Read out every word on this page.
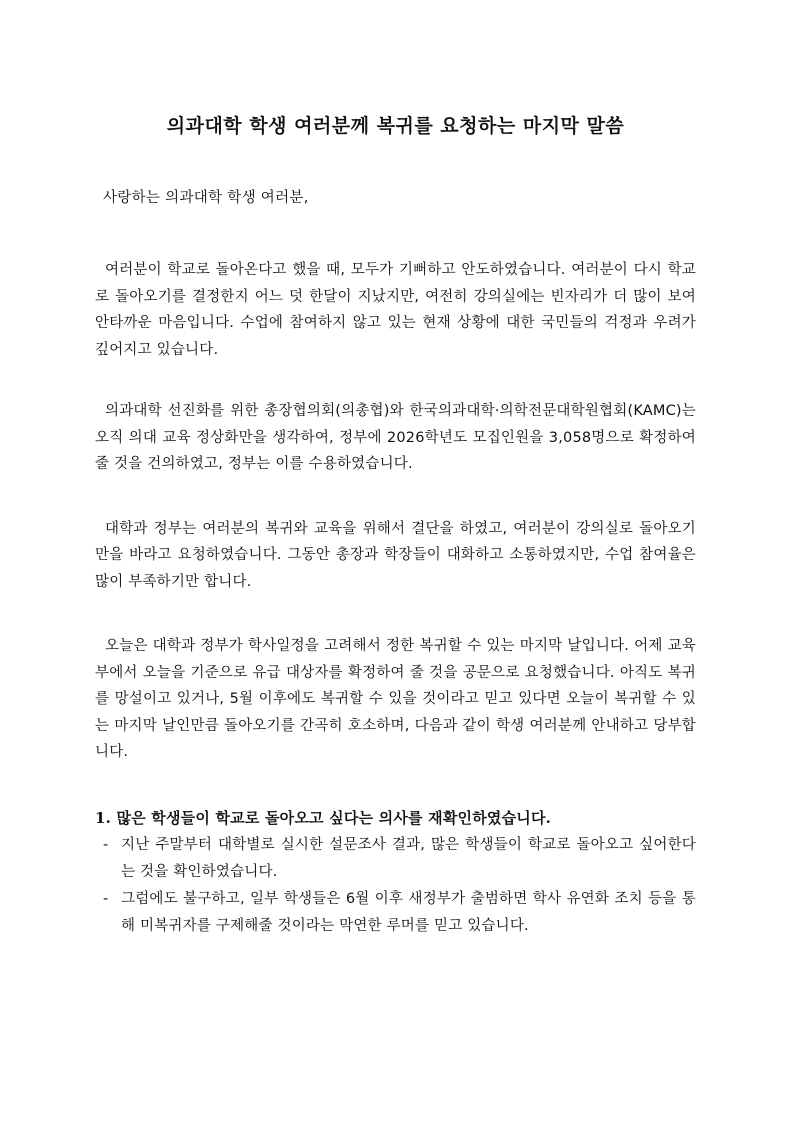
의과대학 학생 여러분께 복귀를 요청하는 마지막 말씀

사랑하는 의과대학 학생 여러분,

여러분이 학교로 돌아온다고 했을 때, 모두가 기뻐하고 안도하였습니다. 여러분이 다시 학교로 돌아오기를 결정한지 어느 덧 한달이 지났지만, 여전히 강의실에는 빈자리가 더 많이 보여 안타까운 마음입니다. 수업에 참여하지 않고 있는 현재 상황에 대한 국민들의 걱정과 우려가 깊어지고 있습니다.

의과대학 선진화를 위한 총장협의회(의총협)와 한국의과대학·의학전문대학원협회(KAMC)는 오직 의대 교육 정상화만을 생각하여, 정부에 2026학년도 모집인원을 3,058명으로 확정하여 줄 것을 건의하였고, 정부는 이를 수용하였습니다.

대학과 정부는 여러분의 복귀와 교육을 위해서 결단을 하였고, 여러분이 강의실로 돌아오기만을 바라고 요청하였습니다. 그동안 총장과 학장들이 대화하고 소통하였지만, 수업 참여율은 많이 부족하기만 합니다.

오늘은 대학과 정부가 학사일정을 고려해서 정한 복귀할 수 있는 마지막 날입니다. 어제 교육부에서 오늘을 기준으로 유급 대상자를 확정하여 줄 것을 공문으로 요청했습니다. 아직도 복귀를 망설이고 있거나, 5월 이후에도 복귀할 수 있을 것이라고 믿고 있다면 오늘이 복귀할 수 있는 마지막 날인만큼 돌아오기를 간곡히 호소하며, 다음과 같이 학생 여러분께 안내하고 당부합니다.

1. 많은 학생들이 학교로 돌아오고 싶다는 의사를 재확인하였습니다.
- 지난 주말부터 대학별로 실시한 설문조사 결과, 많은 학생들이 학교로 돌아오고 싶어한다는 것을 확인하였습니다.
- 그럼에도 불구하고, 일부 학생들은 6월 이후 새정부가 출범하면 학사 유연화 조치 등을 통해 미복귀자를 구제해줄 것이라는 막연한 루머를 믿고 있습니다.
